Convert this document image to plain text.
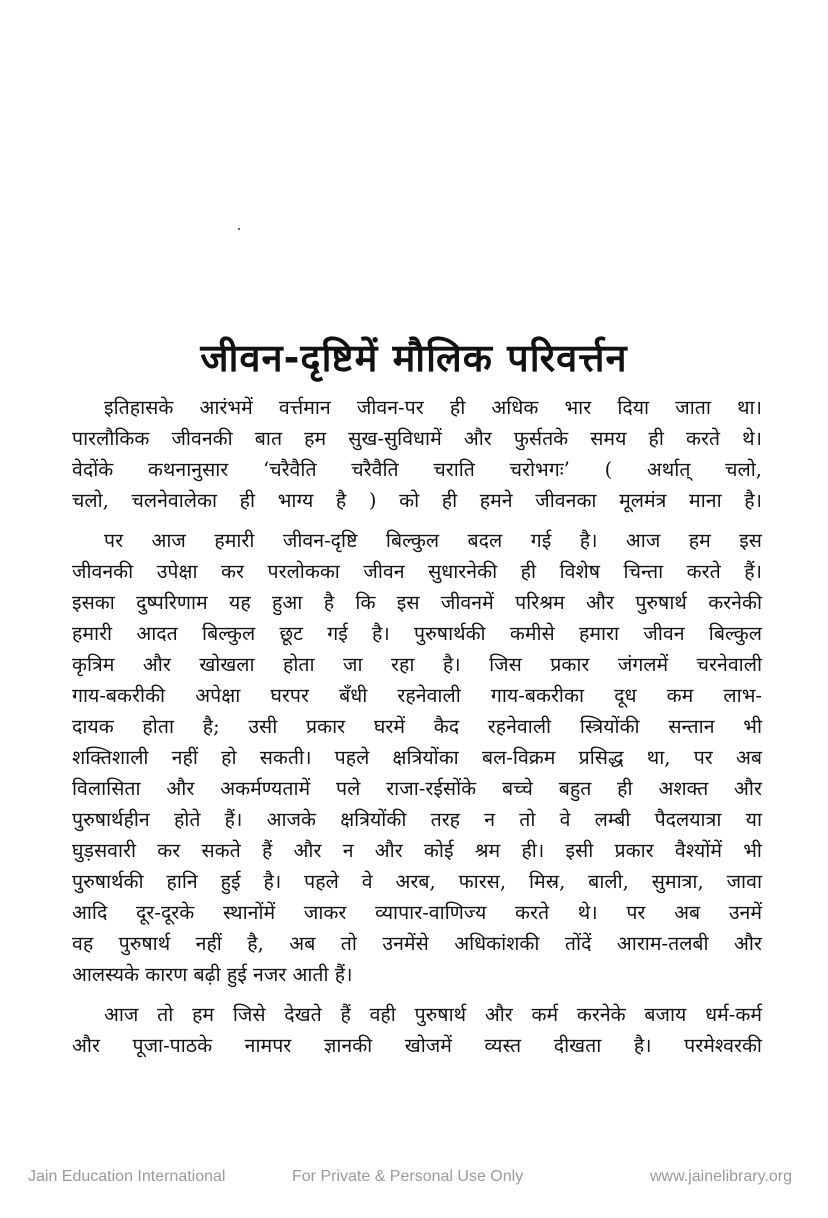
जीवन-दृष्टिमें मौलिक परिवर्त्तन
इतिहासके आरंभमें वर्त्तमान जीवन-पर ही अधिक भार दिया जाता था।
पारलौकिक जीवनकी बात हम सुख-सुविधामें और फुर्सतके समय ही करते थे।
वेदोंके कथनानुसार ‘चरैवैति चरैवैति चराति चरोभगः’ ( अर्थात् चलो,
चलो, चलनेवालेका ही भाग्य है ) को ही हमने जीवनका मूलमंत्र माना है।
पर आज हमारी जीवन-दृष्टि बिल्कुल बदल गई है। आज हम इस
जीवनकी उपेक्षा कर परलोकका जीवन सुधारनेकी ही विशेष चिन्ता करते हैं।
इसका दुष्परिणाम यह हुआ है कि इस जीवनमें परिश्रम और पुरुषार्थ करनेकी
हमारी आदत बिल्कुल छूट गई है। पुरुषार्थकी कमीसे हमारा जीवन बिल्कुल
कृत्रिम और खोखला होता जा रहा है। जिस प्रकार जंगलमें चरनेवाली
गाय-बकरीकी अपेक्षा घरपर बँधी रहनेवाली गाय-बकरीका दूध कम लाभ-
दायक होता है; उसी प्रकार घरमें कैद रहनेवाली स्त्रियोंकी सन्तान भी
शक्तिशाली नहीं हो सकती। पहले क्षत्रियोंका बल-विक्रम प्रसिद्ध था, पर अब
विलासिता और अकर्मण्यतामें पले राजा-रईसोंके बच्चे बहुत ही अशक्त और
पुरुषार्थहीन होते हैं। आजके क्षत्रियोंकी तरह न तो वे लम्बी पैदलयात्रा या
घुड़सवारी कर सकते हैं और न और कोई श्रम ही। इसी प्रकार वैश्योंमें भी
पुरुषार्थकी हानि हुई है। पहले वे अरब, फारस, मिस्र, बाली, सुमात्रा, जावा
आदि दूर-दूरके स्थानोंमें जाकर व्यापार-वाणिज्य करते थे। पर अब उनमें
वह पुरुषार्थ नहीं है, अब तो उनमेंसे अधिकांशकी तोंदें आराम-तलबी और
आलस्यके कारण बढ़ी हुई नजर आती हैं।
आज तो हम जिसे देखते हैं वही पुरुषार्थ और कर्म करनेके बजाय धर्म-कर्म
और पूजा-पाठके नामपर ज्ञानकी खोजमें व्यस्त दीखता है। परमेश्वरकी
Jain Education International	For Private & Personal Use Only	www.jainelibrary.org
